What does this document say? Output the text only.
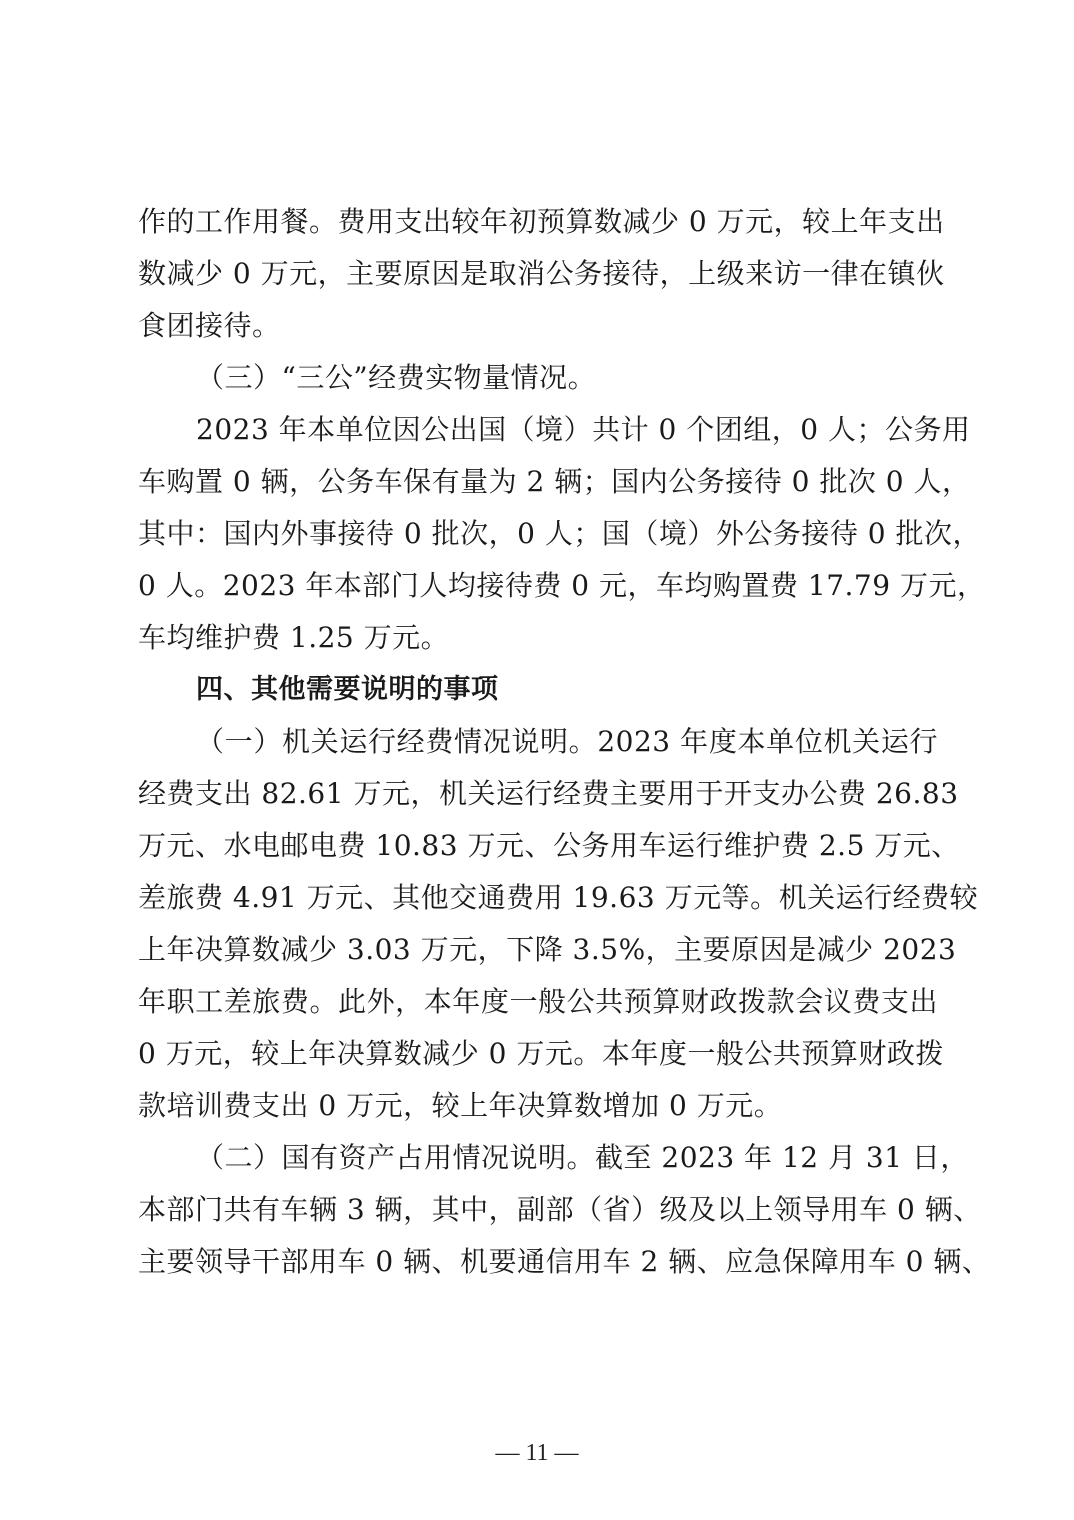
作的工作用餐。费用支出较年初预算数减少 0 万元，较上年支出
数减少 0 万元，主要原因是取消公务接待，上级来访一律在镇伙
食团接待。
（三）“三公”经费实物量情况。
2023 年本单位因公出国（境）共计 0 个团组，0 人；公务用
车购置 0 辆，公务车保有量为 2 辆；国内公务接待 0 批次 0 人，
其中：国内外事接待 0 批次，0 人；国（境）外公务接待 0 批次，
0 人。2023 年本部门人均接待费 0 元，车均购置费 17.79 万元，
车均维护费 1.25 万元。
四、其他需要说明的事项
（一）机关运行经费情况说明。2023 年度本单位机关运行
经费支出 82.61 万元，机关运行经费主要用于开支办公费 26.83
万元、水电邮电费 10.83 万元、公务用车运行维护费 2.5 万元、
差旅费 4.91 万元、其他交通费用 19.63 万元等。机关运行经费较
上年决算数减少 3.03 万元，下降 3.5%，主要原因是减少 2023
年职工差旅费。此外，本年度一般公共预算财政拨款会议费支出
0 万元，较上年决算数减少 0 万元。本年度一般公共预算财政拨
款培训费支出 0 万元，较上年决算数增加 0 万元。
（二）国有资产占用情况说明。截至 2023 年 12 月 31 日，
本部门共有车辆 3 辆，其中，副部（省）级及以上领导用车 0 辆、
主要领导干部用车 0 辆、机要通信用车 2 辆、应急保障用车 0 辆、
— 11 —
